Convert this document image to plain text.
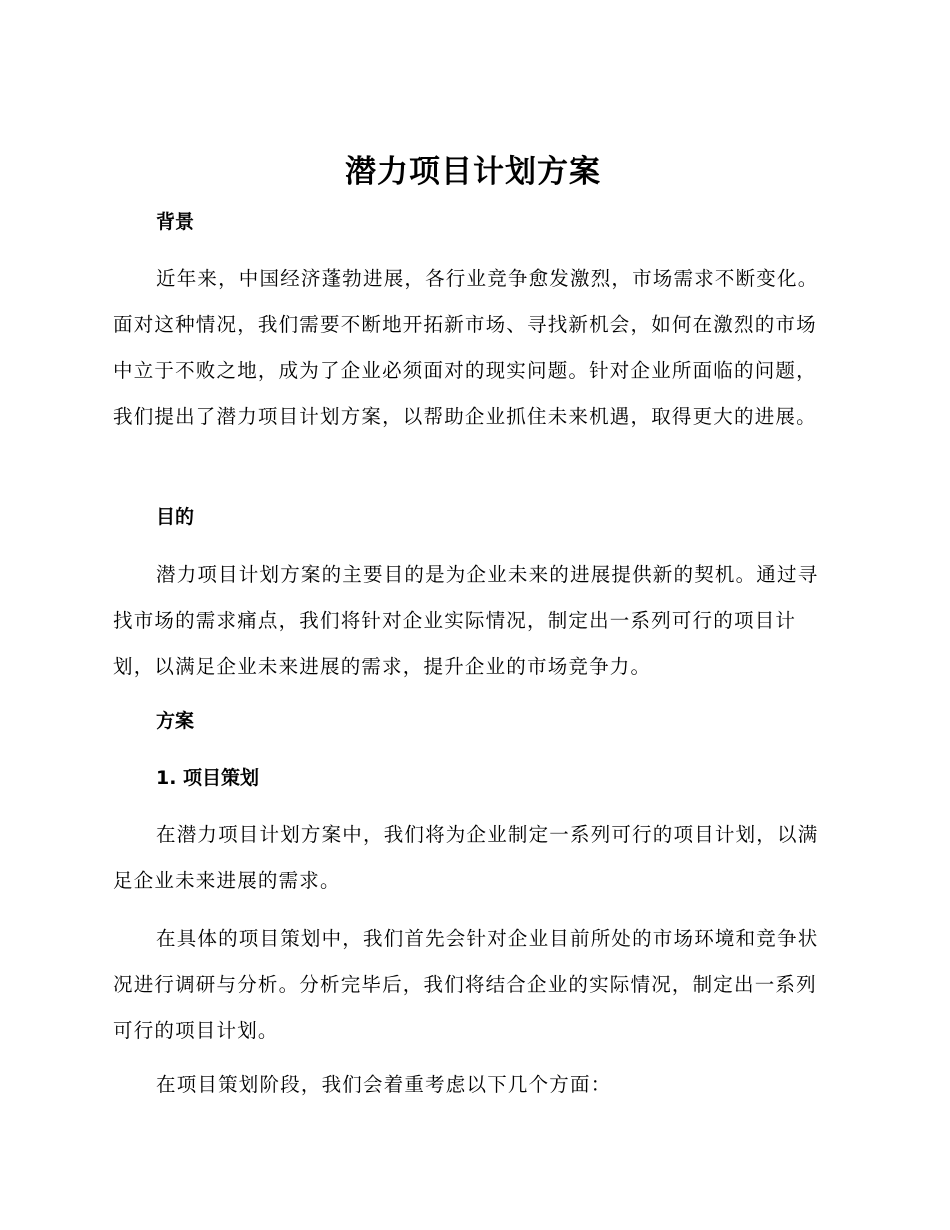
潜力项目计划方案
背景

近年来，中国经济蓬勃进展，各行业竞争愈发激烈，市场需求不断变化。面对这种情况，我们需要不断地开拓新市场、寻找新机会，如何在激烈的市场中立于不败之地，成为了企业必须面对的现实问题。针对企业所面临的问题，我们提出了潜力项目计划方案，以帮助企业抓住未来机遇，取得更大的进展。

目的

潜力项目计划方案的主要目的是为企业未来的进展提供新的契机。通过寻找市场的需求痛点，我们将针对企业实际情况，制定出一系列可行的项目计划，以满足企业未来进展的需求，提升企业的市场竞争力。

方案
1. 项目策划

在潜力项目计划方案中，我们将为企业制定一系列可行的项目计划，以满足企业未来进展的需求。

在具体的项目策划中，我们首先会针对企业目前所处的市场环境和竞争状况进行调研与分析。分析完毕后，我们将结合企业的实际情况，制定出一系列可行的项目计划。

在项目策划阶段，我们会着重考虑以下几个方面：
